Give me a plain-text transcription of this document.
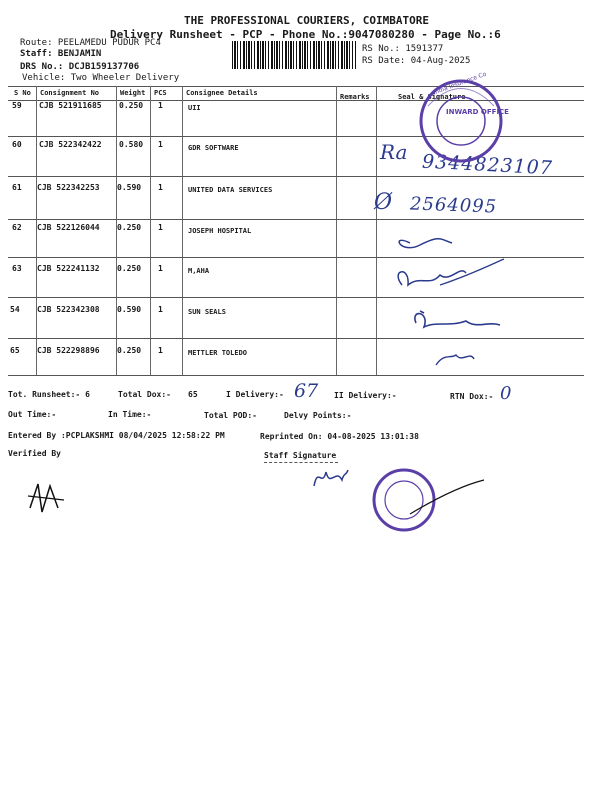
THE PROFESSIONAL COURIERS, COIMBATORE
Delivery Runsheet - PCP - Phone No.:9047080280 - Page No.:6
Route: PEELAMEDU PUDUR PC4
Staff: BENJAMIN
DRS No.: DCJB159137706
Vehicle: Two Wheeler Delivery
RS No.: 1591377
RS Date: 04-Aug-2025
S No Consignment No	Weight PCS	Consignee Details	Remarks	Seal & Signature
59 CJB 521911685 0.250 1	UII
60 CJB 522342422 0.580 1	GDR SOFTWARE
61 CJB 522342253 0.590 1	UNITED DATA SERVICES
62 CJB 522126044 0.250 1	JOSEPH HOSPITAL
63 CJB 522241132 0.250 1	M,AHA
54 CJB 522342308 0.590 1	SUN SEALS
65 CJB 522298896 0.250 1	METTLER TOLEDO
Ra 9344823107
Ø 2564095
INWARD OFFICE
India Insurance Co
Tot. Runsheet:- 6	Total Dox:- 65	I Delivery:- 67 II Delivery:-	RTN Dox:- 0
Out Time:-	In Time:-	Total POD:-	Delvy Points:-
Entered By :PCPLAKSHMI 08/04/2025 12:58:22 PM	Reprinted On: 04-08-2025 13:01:38
Verified By	Staff Signature
